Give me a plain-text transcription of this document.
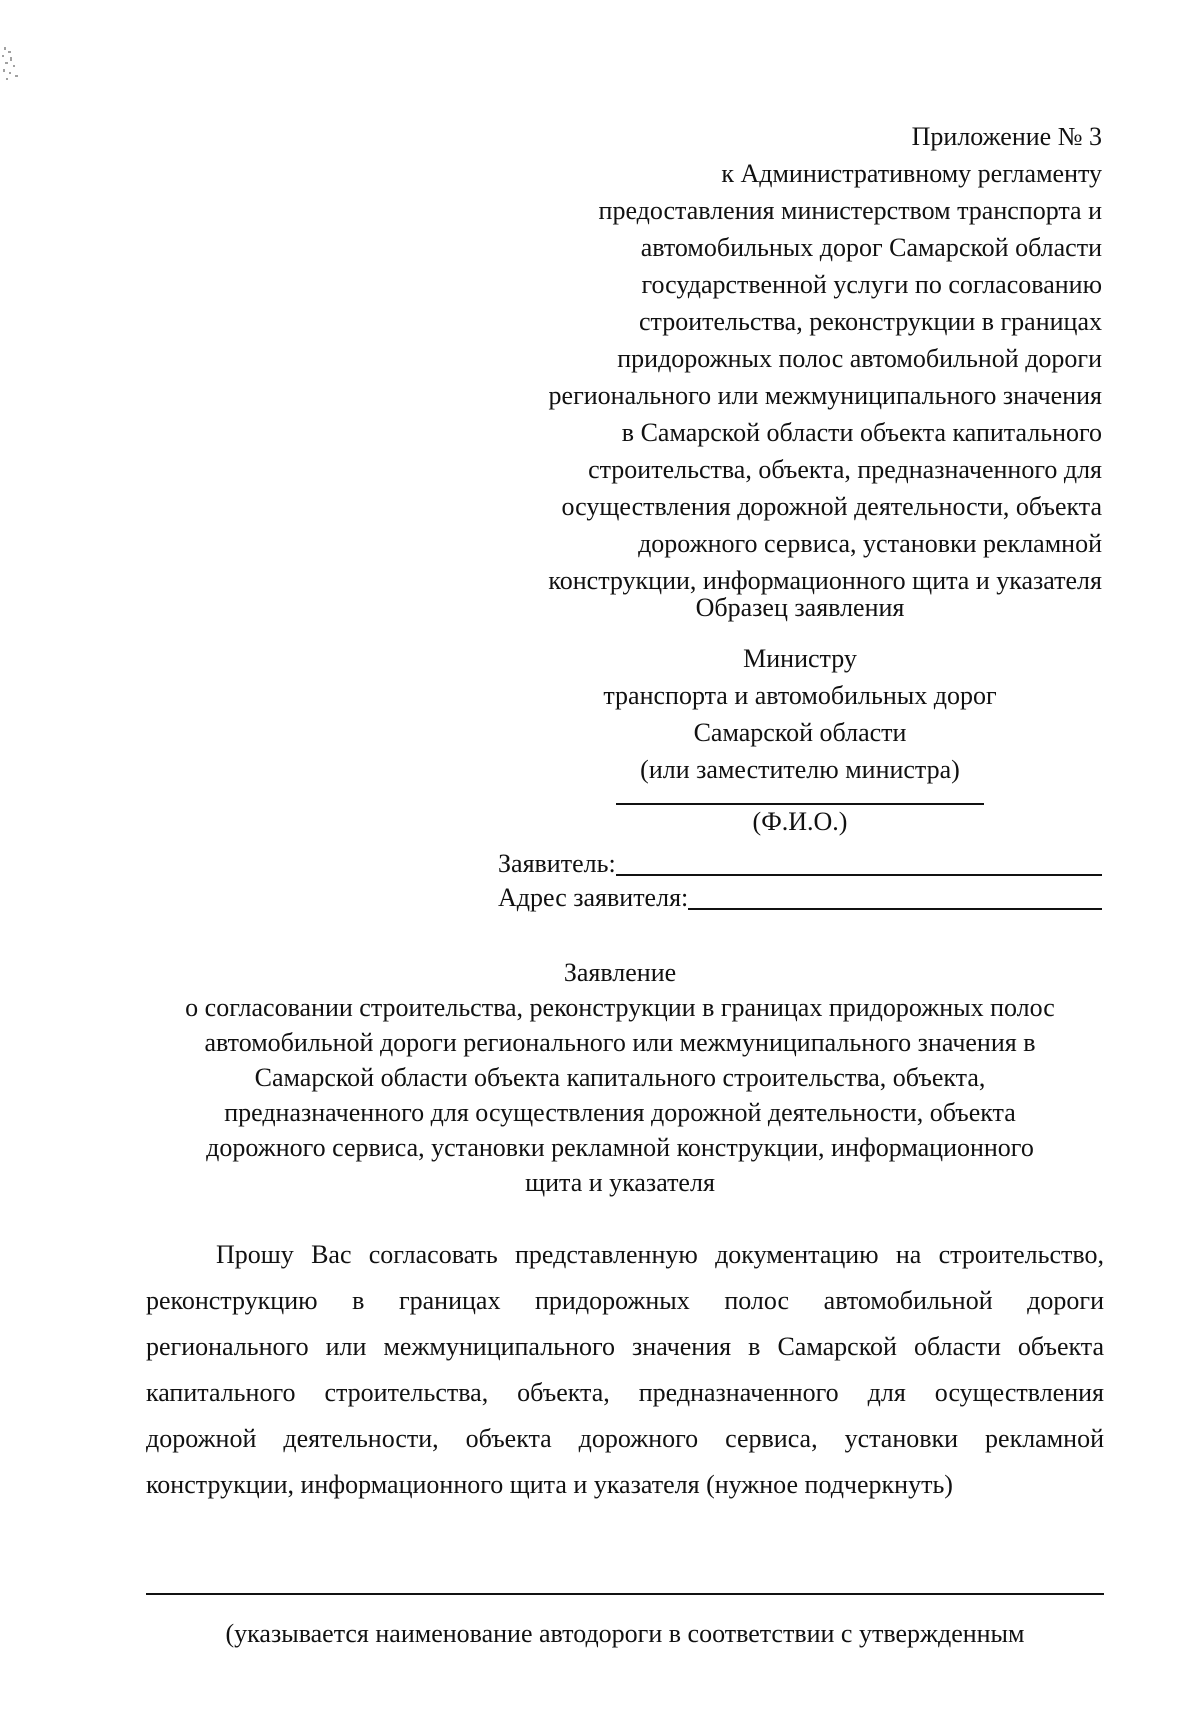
Приложение № 3
к Административному регламенту
предоставления министерством транспорта и
автомобильных дорог Самарской области
государственной услуги по согласованию
строительства, реконструкции в границах
придорожных полос автомобильной дороги
регионального или межмуниципального значения
в Самарской области объекта капитального
строительства, объекта, предназначенного для
осуществления дорожной деятельности, объекта
дорожного сервиса, установки рекламной
конструкции, информационного щита и указателя
Образец заявления
Министру
транспорта и автомобильных дорог
Самарской области
(или заместителю министра)
(Ф.И.О.)
Заявитель:
Адрес заявителя:
Заявление
о согласовании строительства, реконструкции в границах придорожных полос
автомобильной дороги регионального или межмуниципального значения в
Самарской области объекта капитального строительства, объекта,
предназначенного для осуществления дорожной деятельности, объекта
дорожного сервиса, установки рекламной конструкции, информационного
щита и указателя

Прошу Вас согласовать представленную документацию на строительство, реконструкцию в границах придорожных полос автомобильной дороги регионального или межмуниципального значения в Самарской области объекта капитального строительства, объекта, предназначенного для осуществления дорожной деятельности, объекта дорожного сервиса, установки рекламной конструкции, информационного щита и указателя (нужное подчеркнуть)

(указывается наименование автодороги в соответствии с утвержденным
